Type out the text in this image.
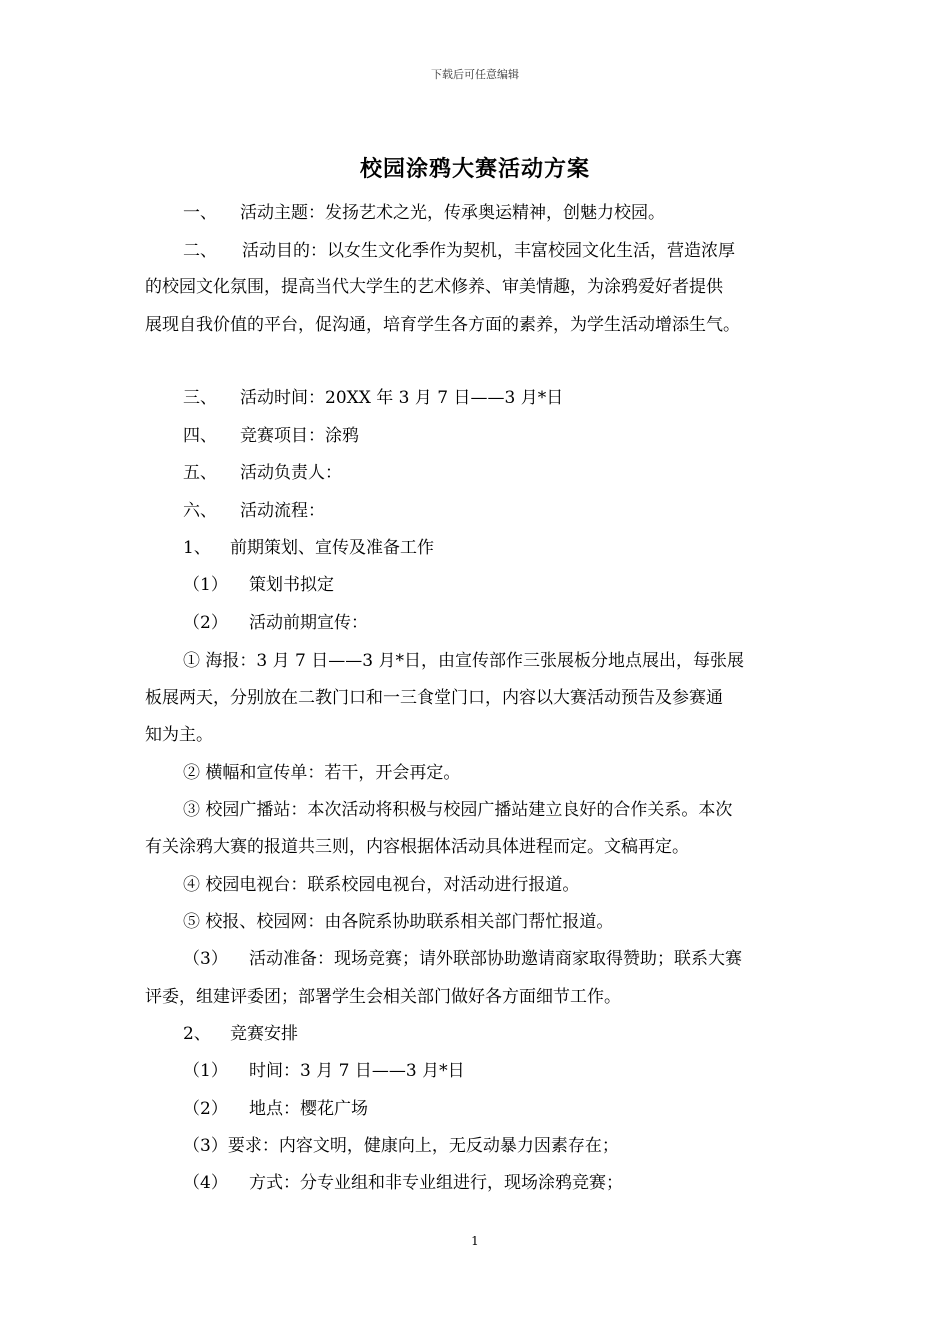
下载后可任意编辑
校园涂鸦大赛活动方案
一、 活动主题：发扬艺术之光，传承奥运精神，创魅力校园。
二、 活动目的：以女生文化季作为契机，丰富校园文化生活，营造浓厚
的校园文化氛围，提高当代大学生的艺术修养、审美情趣，为涂鸦爱好者提供
展现自我价值的平台，促沟通，培育学生各方面的素养，为学生活动增添生气。
三、 活动时间：20XX 年 3 月 7 日——3 月*日
四、 竞赛项目：涂鸦
五、 活动负责人：
六、 活动流程：
1、 前期策划、宣传及准备工作
（1） 策划书拟定
（2） 活动前期宣传：
① 海报：3 月 7 日——3 月*日，由宣传部作三张展板分地点展出，每张展
板展两天，分别放在二教门口和一三食堂门口，内容以大赛活动预告及参赛通
知为主。
② 横幅和宣传单：若干，开会再定。
③ 校园广播站：本次活动将积极与校园广播站建立良好的合作关系。本次
有关涂鸦大赛的报道共三则，内容根据体活动具体进程而定。文稿再定。
④ 校园电视台：联系校园电视台，对活动进行报道。
⑤ 校报、校园网：由各院系协助联系相关部门帮忙报道。
（3） 活动准备：现场竞赛；请外联部协助邀请商家取得赞助；联系大赛
评委，组建评委团；部署学生会相关部门做好各方面细节工作。
2、 竞赛安排
（1） 时间：3 月 7 日——3 月*日
（2） 地点：樱花广场
（3）要求：内容文明，健康向上，无反动暴力因素存在；
（4） 方式：分专业组和非专业组进行，现场涂鸦竞赛；
1
